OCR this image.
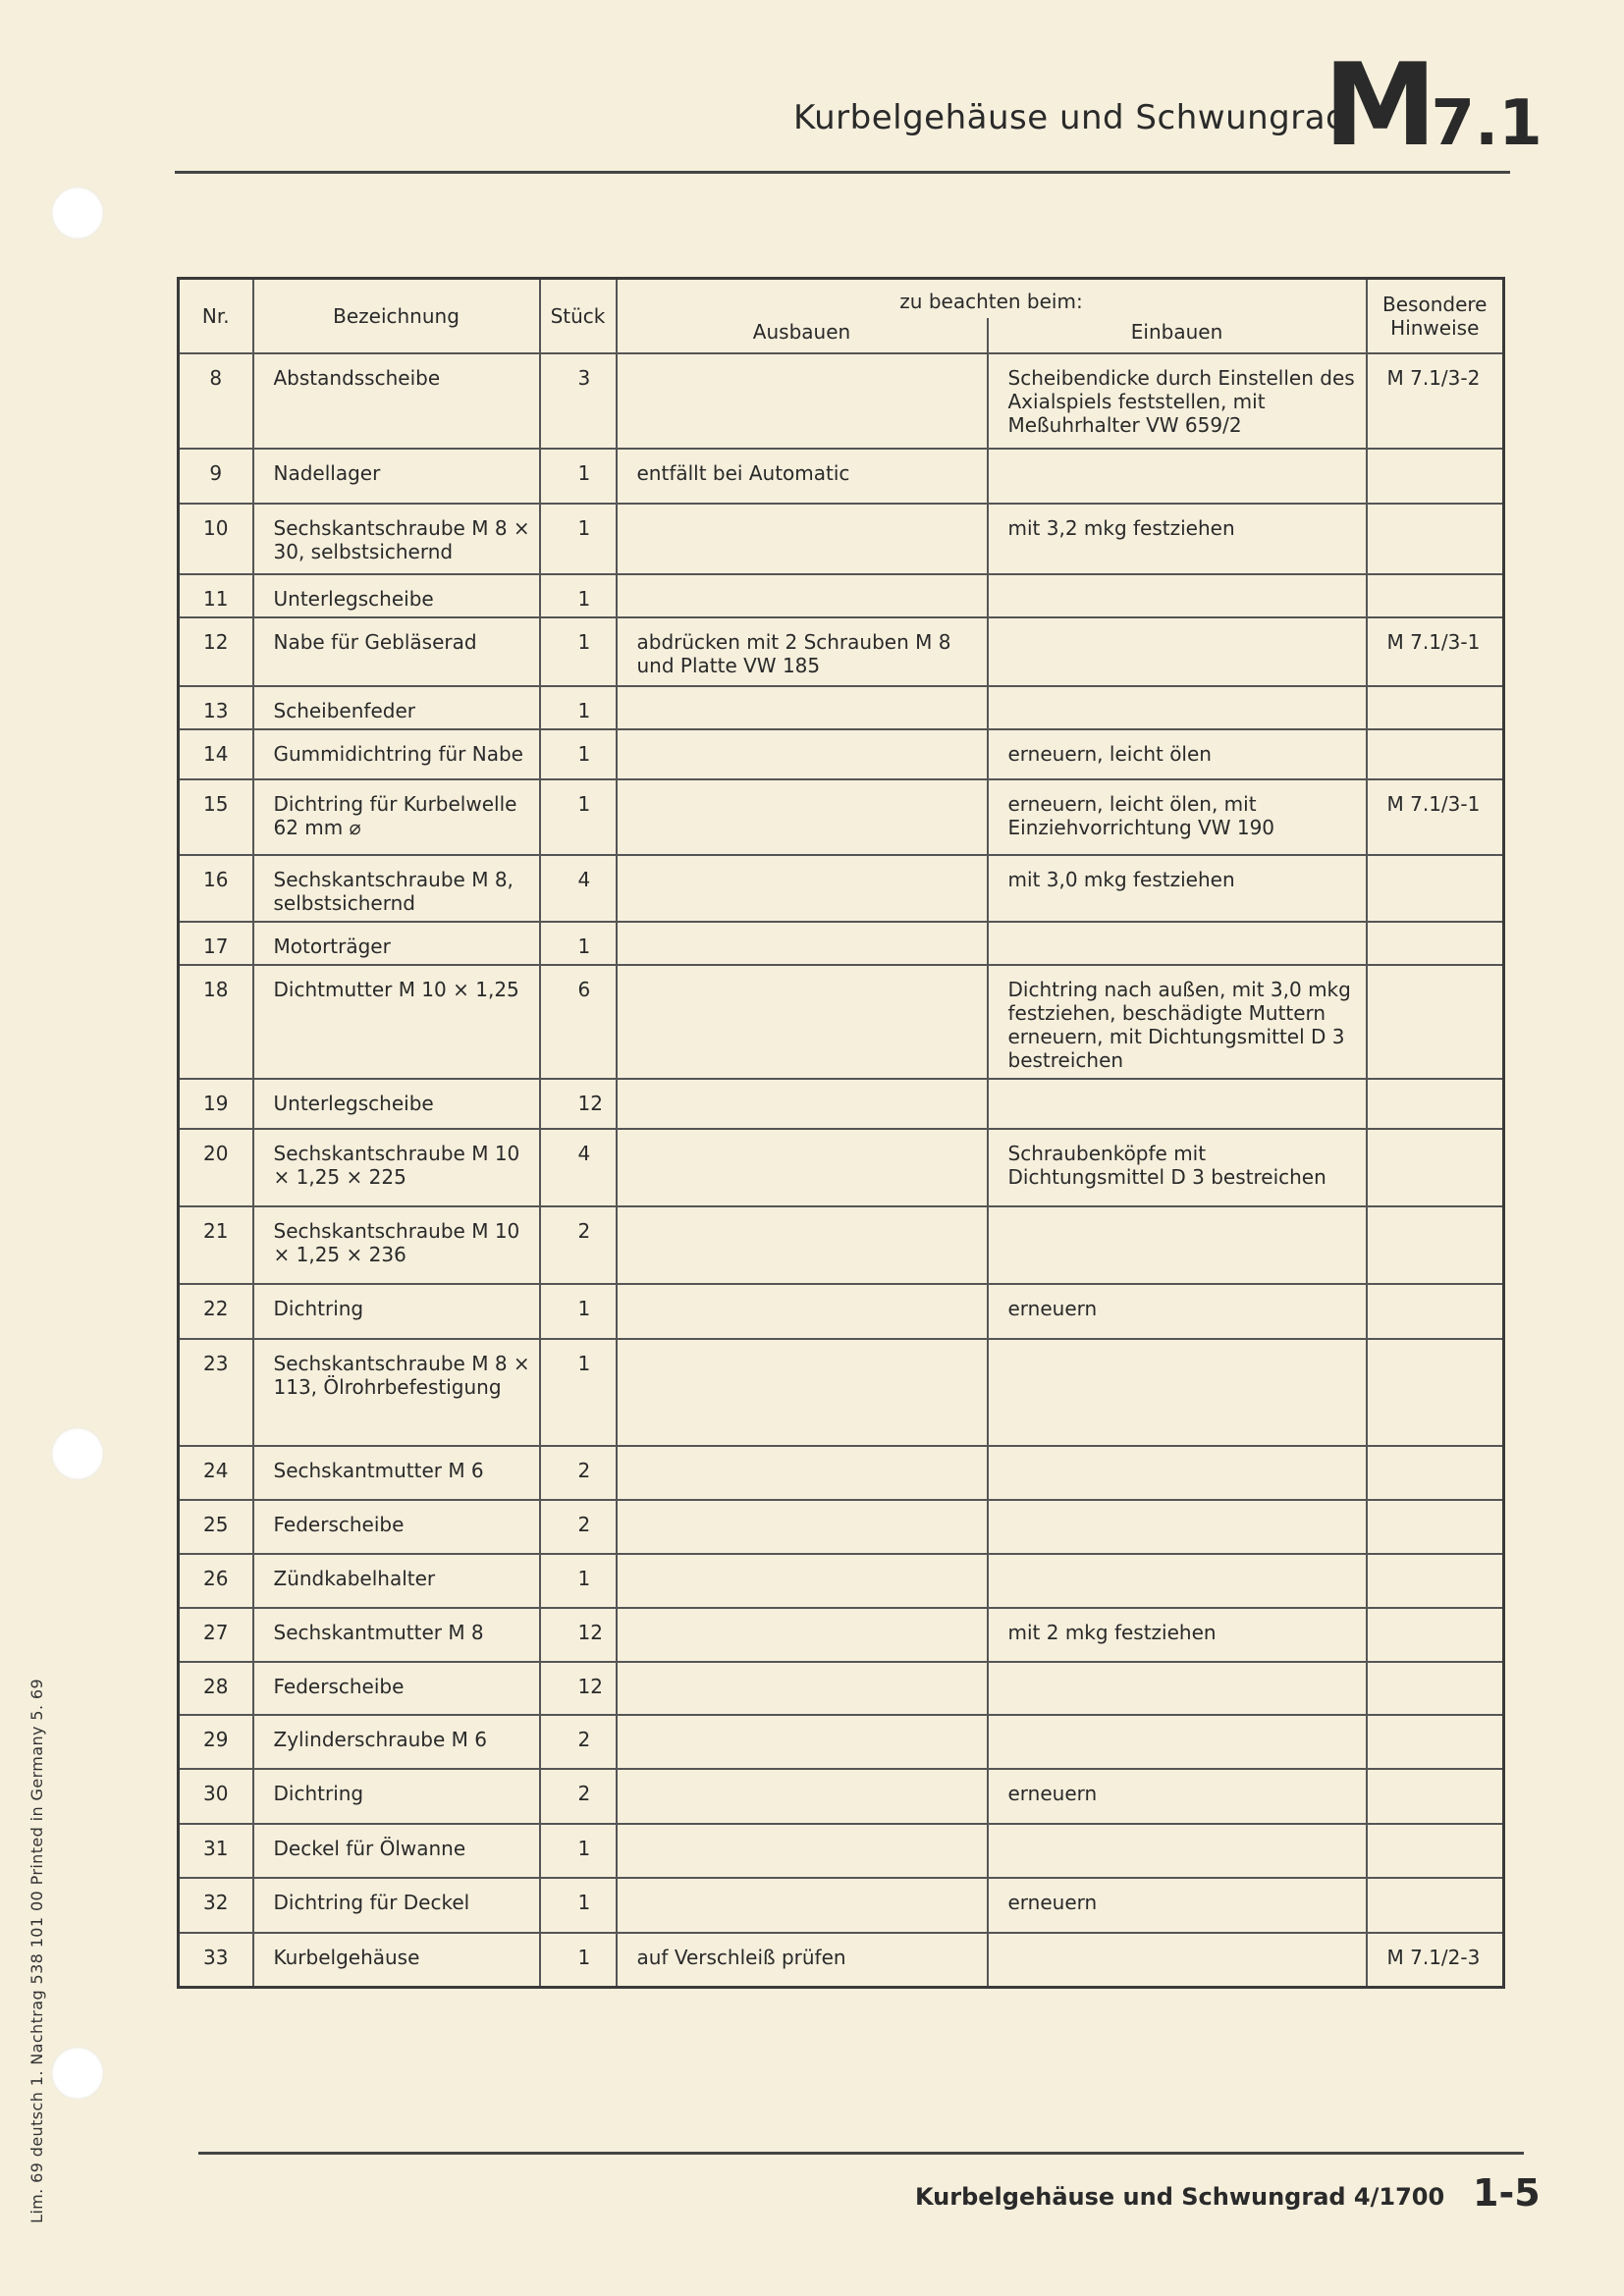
Kurbelgehäuse und Schwungrad
M7.1
Nr.	Bezeichnung	Stück	zu beachten beim:		Besondere Hinweise
			Ausbauen	Einbauen	
8	Abstandsscheibe	3		Scheibendicke durch Einstellen des Axialspiels feststellen, mit Meßuhrhalter VW 659/2	M 7.1/3-2
9	Nadellager	1	entfällt bei Automatic		
10	Sechskantschraube M 8 × 30, selbstsichernd	1		mit 3,2 mkg festziehen	
11	Unterlegscheibe	1			
12	Nabe für Gebläserad	1	abdrücken mit 2 Schrauben M 8 und Platte VW 185		M 7.1/3-1
13	Scheibenfeder	1			
14	Gummidichtring für Nabe	1		erneuern, leicht ölen	
15	Dichtring für Kurbelwelle 62 mm ⌀	1		erneuern, leicht ölen, mit Einziehvorrichtung VW 190	M 7.1/3-1
16	Sechskantschraube M 8, selbstsichernd	4		mit 3,0 mkg festziehen	
17	Motorträger	1			
18	Dichtmutter M 10 × 1,25	6		Dichtring nach außen, mit 3,0 mkg festziehen, beschädigte Muttern erneuern, mit Dichtungsmittel D 3 bestreichen	
19	Unterlegscheibe	12			
20	Sechskantschraube M 10 × 1,25 × 225	4		Schraubenköpfe mit Dichtungsmittel D 3 bestreichen	
21	Sechskantschraube M 10 × 1,25 × 236	2			
22	Dichtring	1		erneuern	
23	Sechskantschraube M 8 × 113, Ölrohrbefestigung	1			
24	Sechskantmutter M 6	2			
25	Federscheibe	2			
26	Zündkabelhalter	1			
27	Sechskantmutter M 8	12		mit 2 mkg festziehen	
28	Federscheibe	12			
29	Zylinderschraube M 6	2			
30	Dichtring	2		erneuern	
31	Deckel für Ölwanne	1			
32	Dichtring für Deckel	1		erneuern	
33	Kurbelgehäuse	1	auf Verschleiß prüfen		M 7.1/2-3
Lim. 69 deutsch 1. Nachtrag 538 101 00 Printed in Germany 5. 69	Kurbelgehäuse und Schwungrad 4/1700 1-5
